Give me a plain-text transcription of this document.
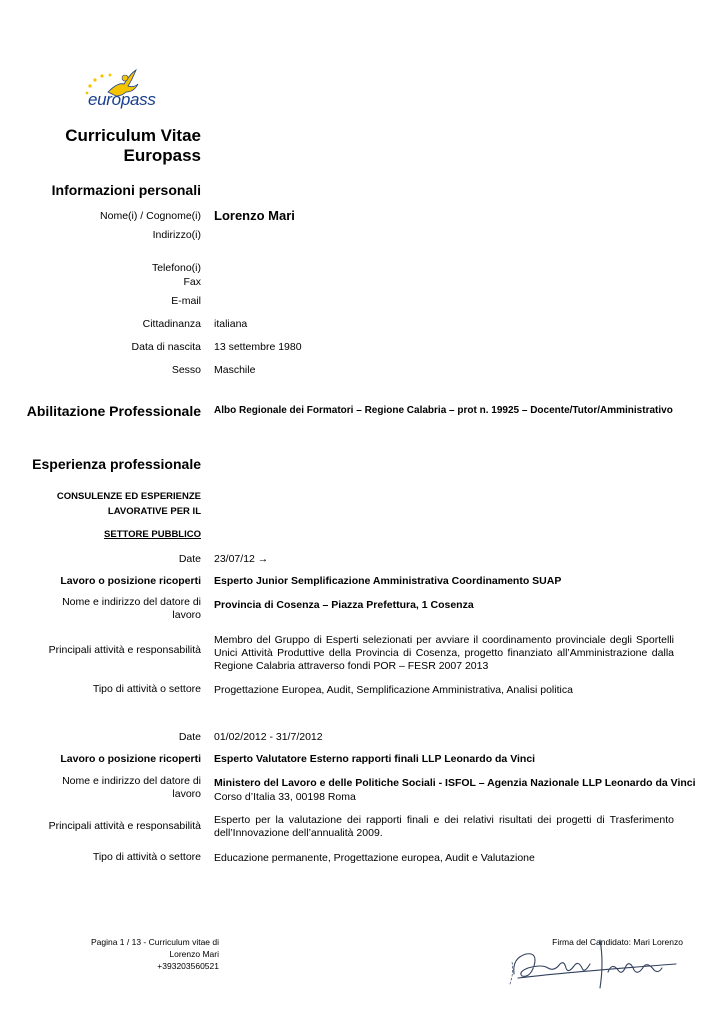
europass
Curriculum Vitae
Europass
Informazioni personali
Nome(i) / Cognome(i) Lorenzo Mari
Indirizzo(i)
Telefono(i)
Fax
E-mail
Cittadinanza italiana
Data di nascita 13 settembre 1980
Sesso Maschile
Abilitazione Professionale Albo Regionale dei Formatori – Regione Calabria – prot n. 19925 – Docente/Tutor/Amministrativo
Esperienza professionale
CONSULENZE ED ESPERIENZE
LAVORATIVE PER IL
SETTORE PUBBLICO
Date 23/07/12 →
Lavoro o posizione ricoperti Esperto Junior Semplificazione Amministrativa Coordinamento SUAP
Nome e indirizzo del datore di lavoro
Provincia di Cosenza – Piazza Prefettura, 1 Cosenza
Principali attività e responsabilità
Membro del Gruppo di Esperti selezionati per avviare il coordinamento provinciale degli Sportelli Unici Attività Produttive della Provincia di Cosenza, progetto finanziato all’Amministrazione dalla Regione Calabria attraverso fondi POR – FESR 2007 2013
Tipo di attività o settore Progettazione Europea, Audit, Semplificazione Amministrativa, Analisi politica
Date 01/02/2012 - 31/7/2012
Lavoro o posizione ricoperti Esperto Valutatore Esterno rapporti finali LLP Leonardo da Vinci
Nome e indirizzo del datore di lavoro
Ministero del Lavoro e delle Politiche Sociali - ISFOL – Agenzia Nazionale LLP Leonardo da Vinci
Corso d’Italia 33, 00198 Roma
Principali attività e responsabilità Esperto per la valutazione dei rapporti finali e dei relativi risultati dei progetti di Trasferimento dell’Innovazione dell’annualità 2009.
Tipo di attività o settore Educazione permanente, Progettazione europea, Audit e Valutazione
Pagina 1 / 13 - Curriculum vitae di
Lorenzo Mari
+393203560521
Firma del Candidato: Mari Lorenzo
